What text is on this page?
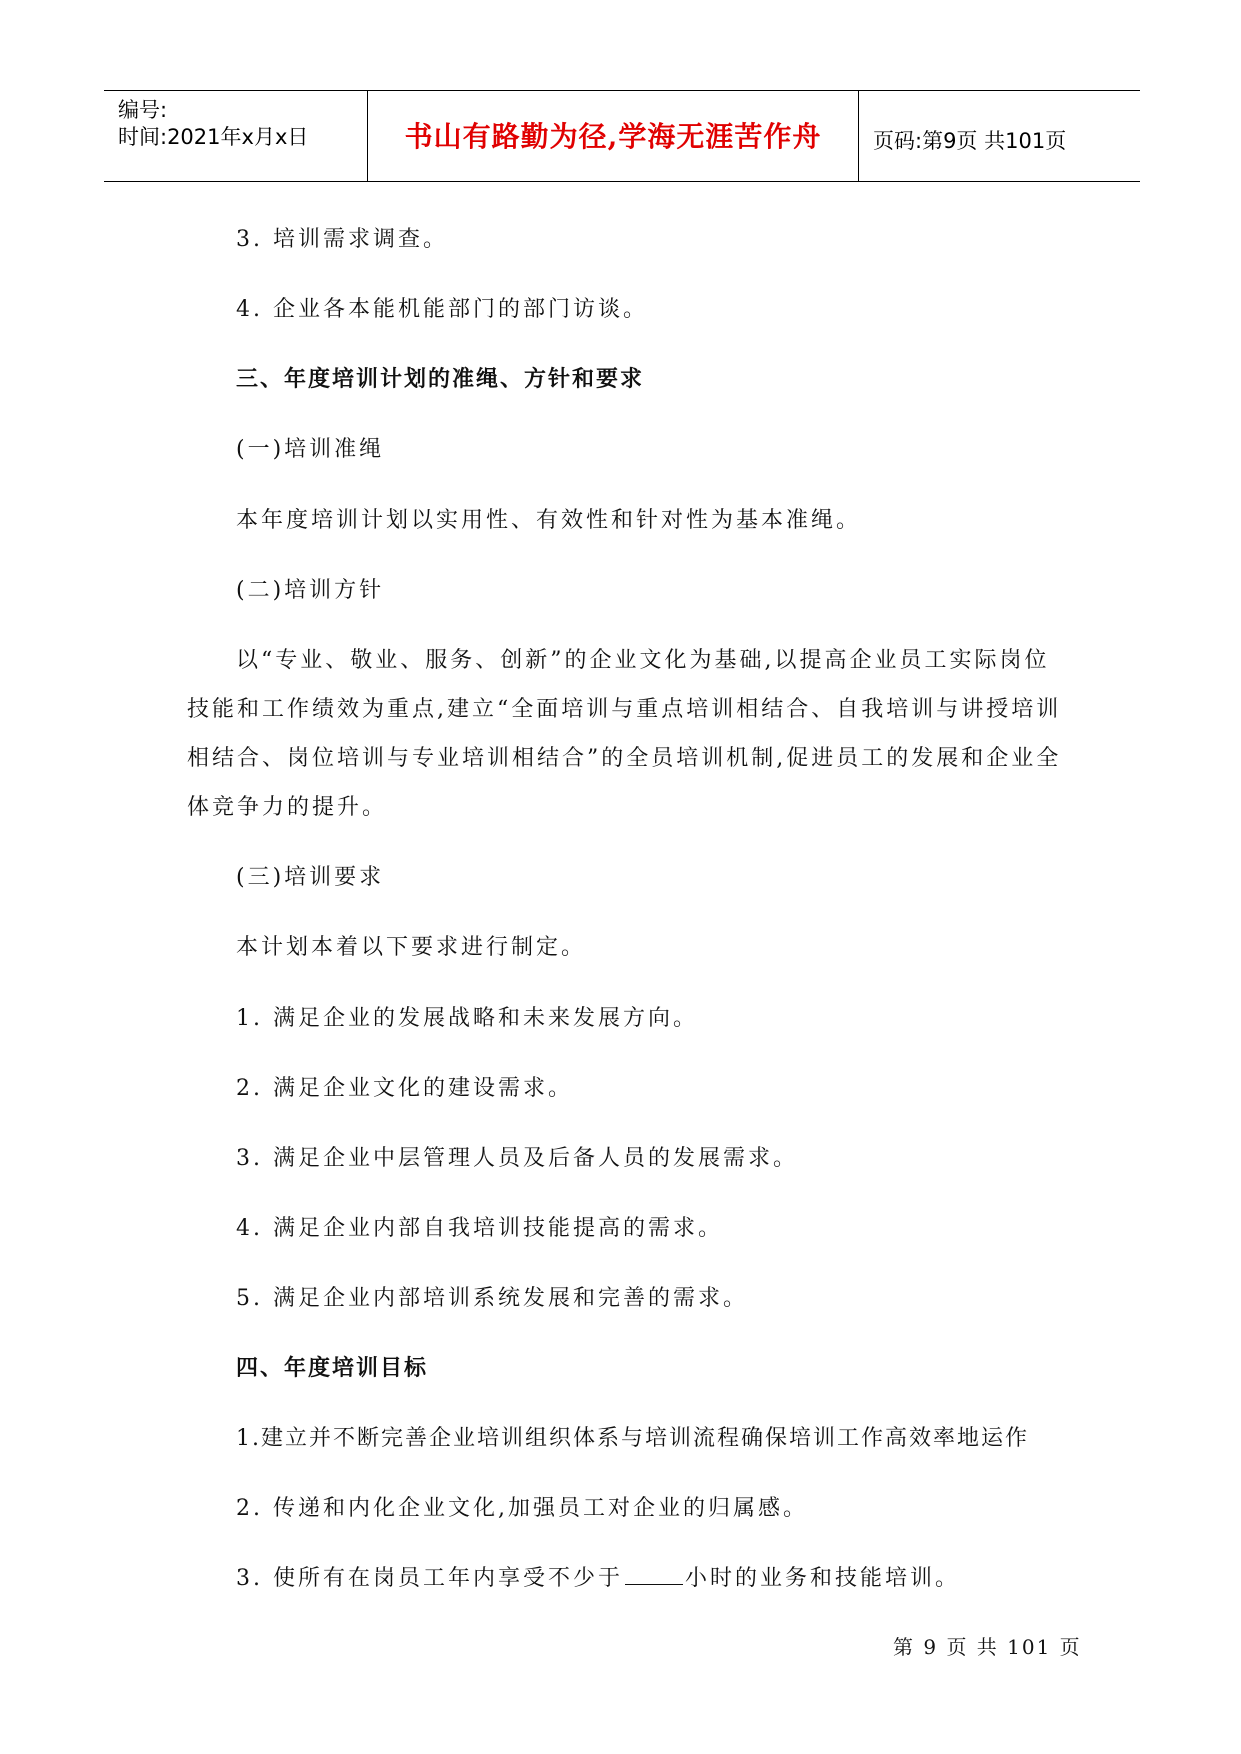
编号:
时间:2021年x月x日	书山有路勤为径,学海无涯苦作舟	页码:第9页 共101页
3. 培训需求调查。
4. 企业各本能机能部门的部门访谈。
三、年度培训计划的准绳、方针和要求
(一)培训准绳
本年度培训计划以实用性、有效性和针对性为基本准绳。
(二)培训方针
以“专业、敬业、服务、创新”的企业文化为基础,以提高企业员工实际岗位
技能和工作绩效为重点,建立“全面培训与重点培训相结合、自我培训与讲授培训
相结合、岗位培训与专业培训相结合”的全员培训机制,促进员工的发展和企业全
体竞争力的提升。
(三)培训要求
本计划本着以下要求进行制定。
1. 满足企业的发展战略和未来发展方向。
2. 满足企业文化的建设需求。
3. 满足企业中层管理人员及后备人员的发展需求。
4. 满足企业内部自我培训技能提高的需求。
5. 满足企业内部培训系统发展和完善的需求。
四、年度培训目标
1.建立并不断完善企业培训组织体系与培训流程确保培训工作高效率地运作
2. 传递和内化企业文化,加强员工对企业的归属感。
3. 使所有在岗员工年内享受不少于	小时的业务和技能培训。
第 9 页 共 101 页
